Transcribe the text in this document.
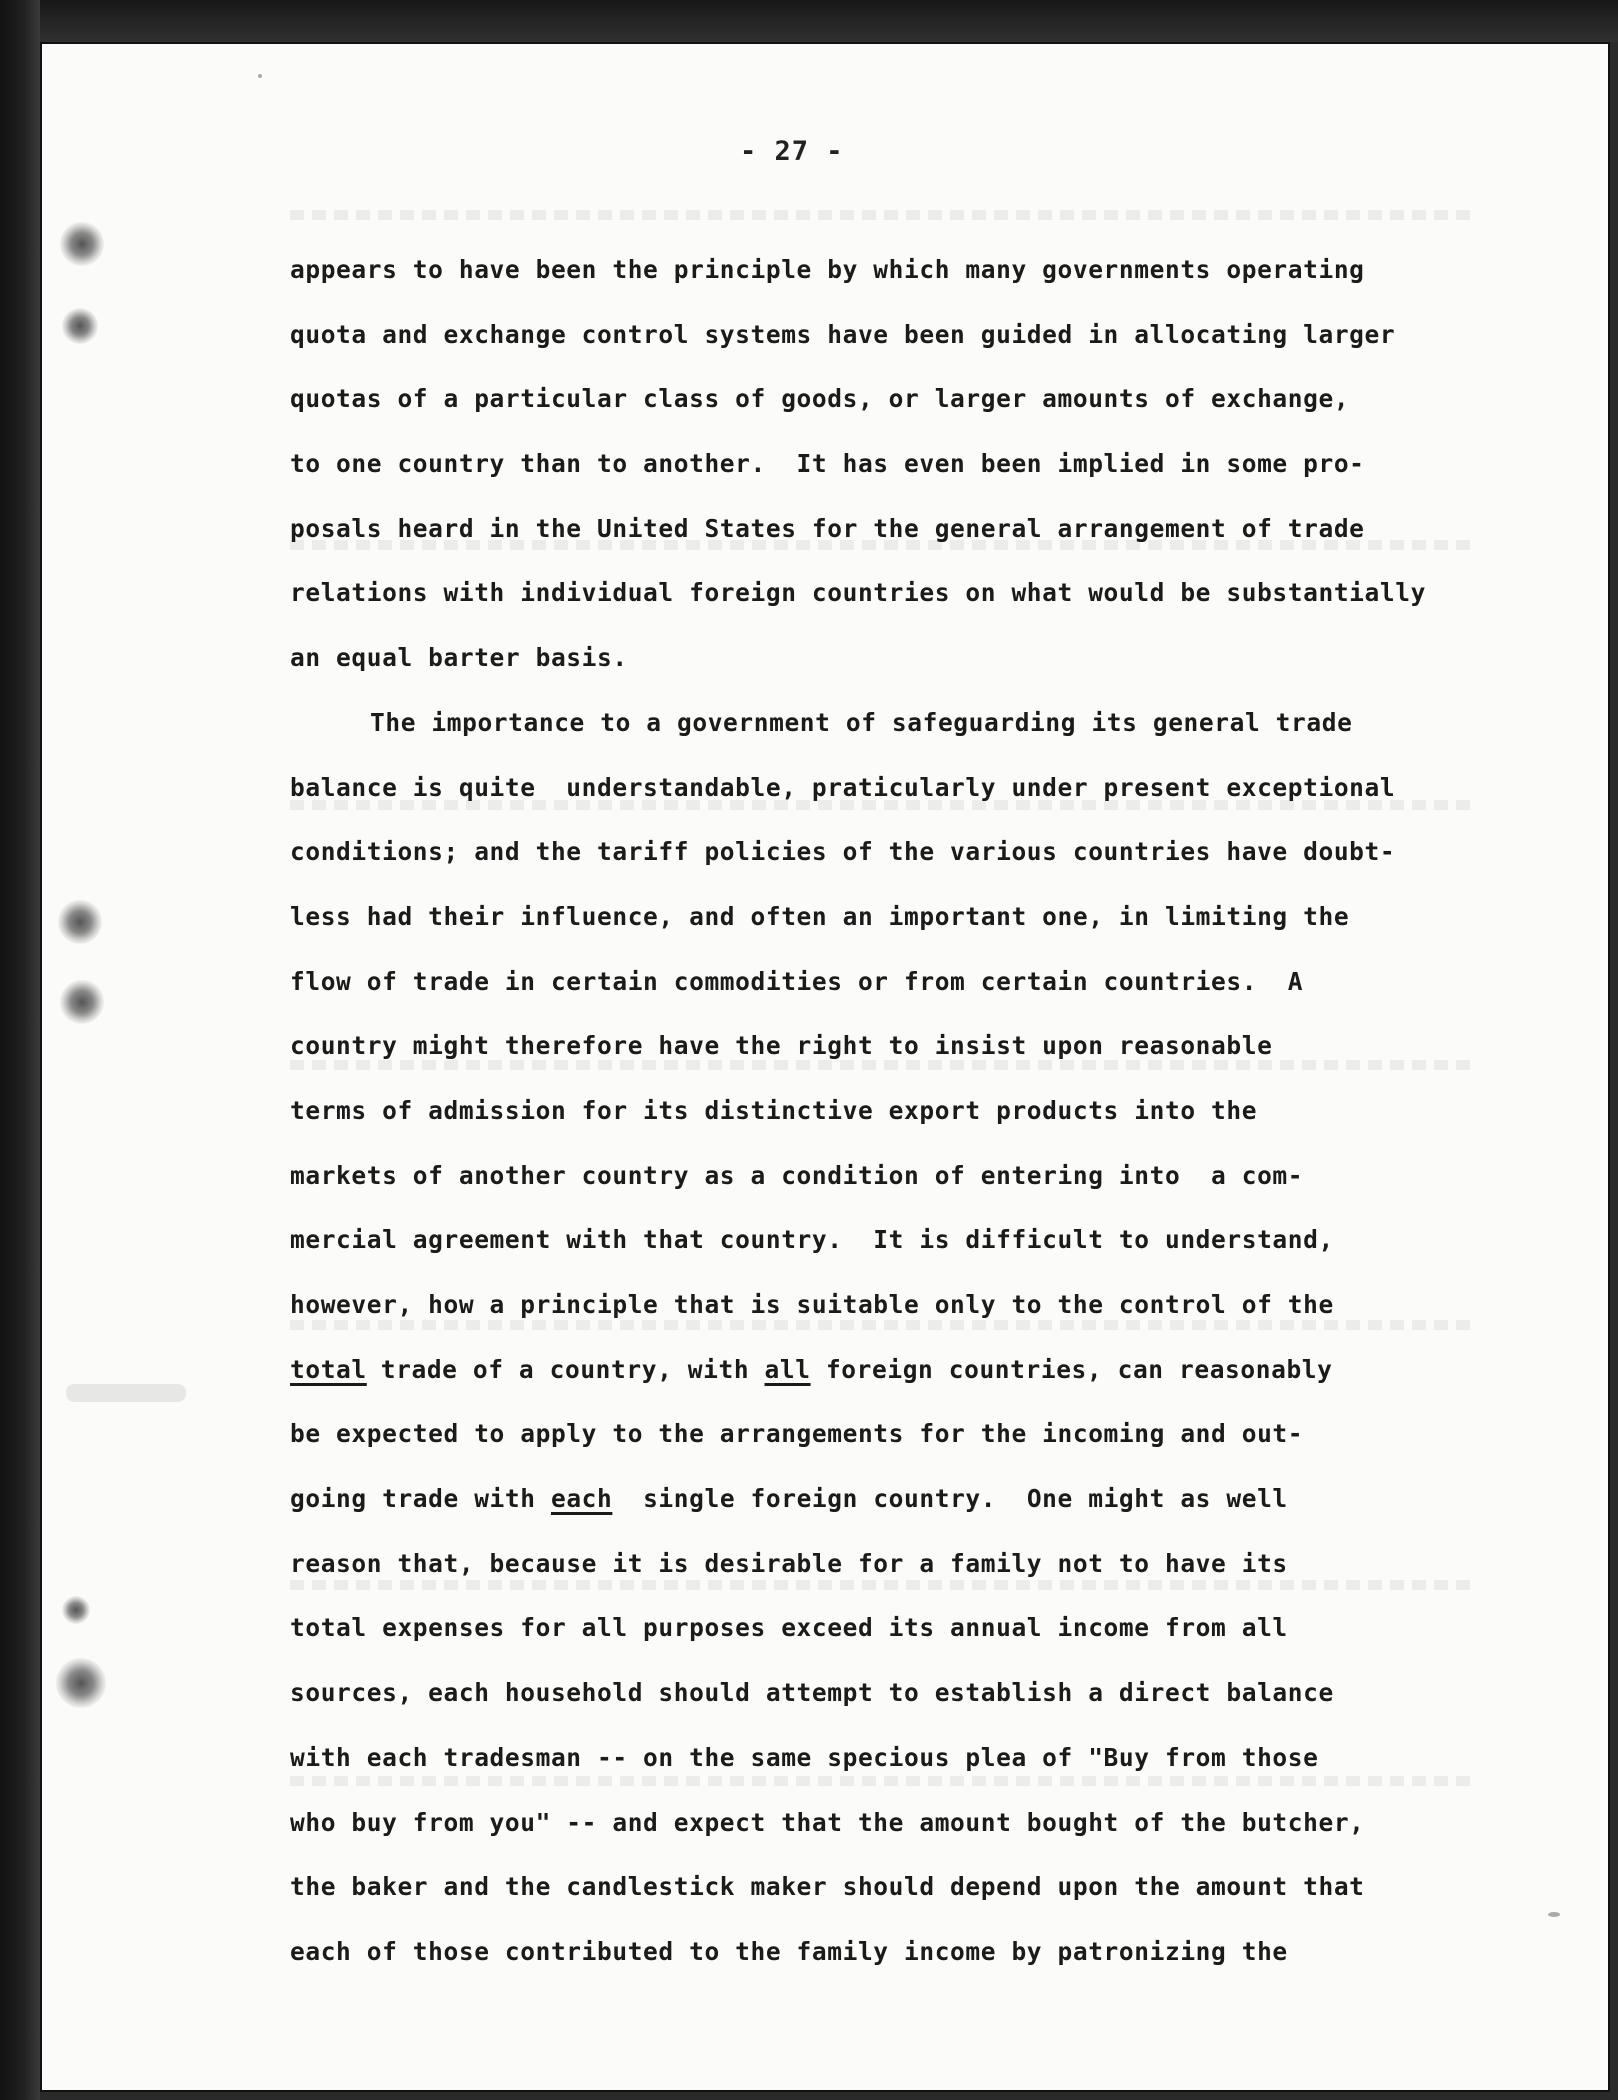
- 27 -
appears to have been the principle by which many governments operating
quota and exchange control systems have been guided in allocating larger
quotas of a particular class of goods, or larger amounts of exchange,
to one country than to another.  It has even been implied in some pro-
posals heard in the United States for the general arrangement of trade
relations with individual foreign countries on what would be substantially
an equal barter basis.
The importance to a government of safeguarding its general trade
balance is quite  understandable, praticularly under present exceptional
conditions; and the tariff policies of the various countries have doubt-
less had their influence, and often an important one, in limiting the
flow of trade in certain commodities or from certain countries.  A
country might therefore have the right to insist upon reasonable
terms of admission for its distinctive export products into the
markets of another country as a condition of entering into  a com-
mercial agreement with that country.  It is difficult to understand,
however, how a principle that is suitable only to the control of the
total trade of a country, with all foreign countries, can reasonably
be expected to apply to the arrangements for the incoming and out-
going trade with each  single foreign country.  One might as well
reason that, because it is desirable for a family not to have its
total expenses for all purposes exceed its annual income from all
sources, each household should attempt to establish a direct balance
with each tradesman -- on the same specious plea of "Buy from those
who buy from you" -- and expect that the amount bought of the butcher,
the baker and the candlestick maker should depend upon the amount that
each of those contributed to the family income by patronizing the
